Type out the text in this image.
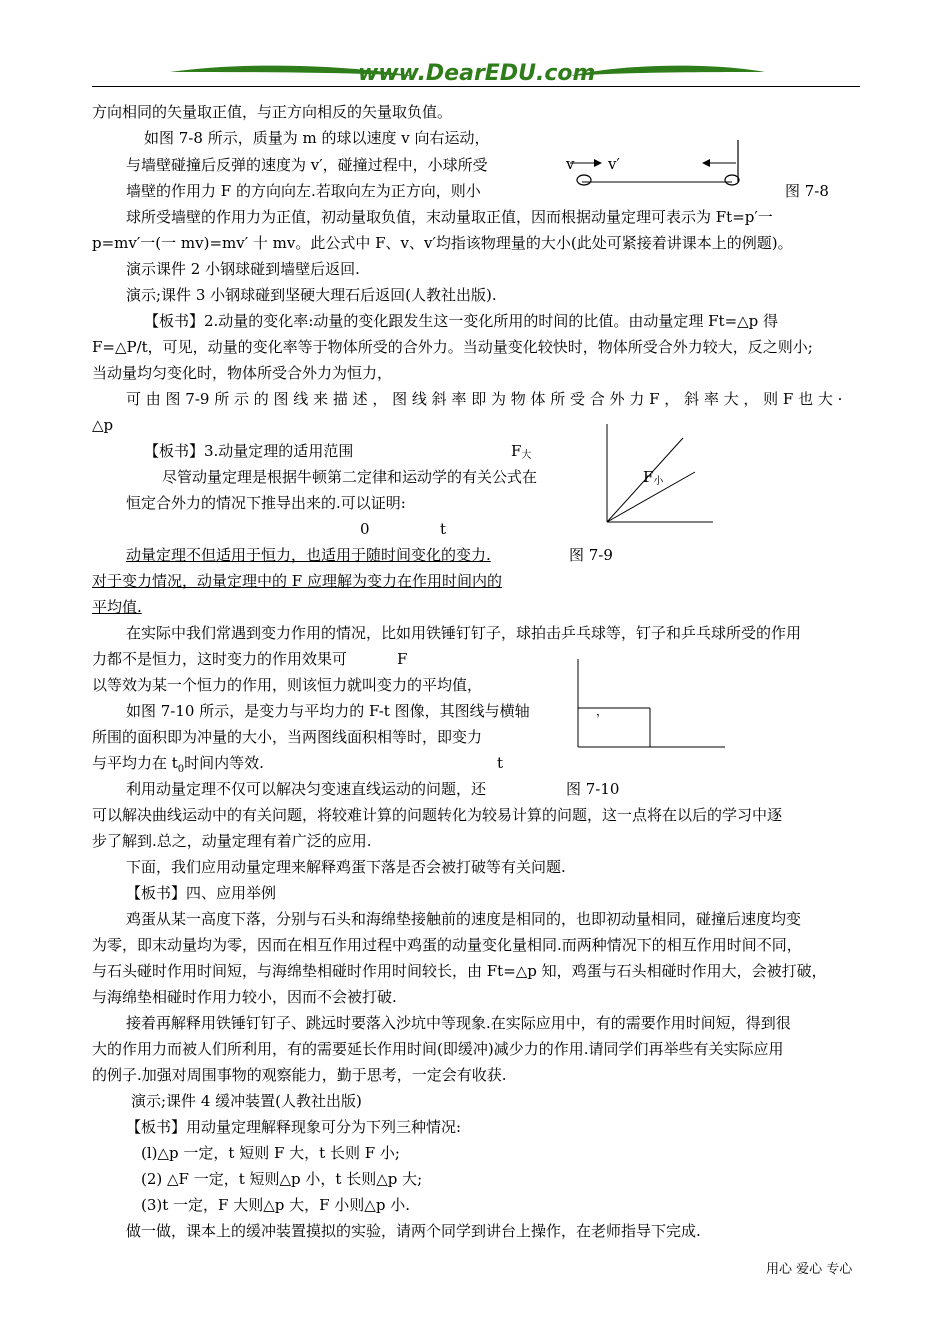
www.DearEDU.com
方向相同的矢量取正值，与正方向相反的矢量取负值。
如图 7-8 所示，质量为 m 的球以速度 v 向右运动，
与墙壁碰撞后反弹的速度为 v′，碰撞过程中，小球所受
墙壁的作用力 F 的方向向左.若取向左为正方向，则小
球所受墙壁的作用力为正值，初动量取负值，末动量取正值，因而根据动量定理可表示为 Ft=p′一
p=mv′一(一 mv)=mv′ 十 mv。此公式中 F、v、v′均指该物理量的大小(此处可紧接着讲课本上的例题)。
演示课件 2 小钢球碰到墙壁后返回.
演示;课件 3 小钢球碰到坚硬大理石后返回(人教社出版).
【板书】2.动量的变化率:动量的变化跟发生这一变化所用的时间的比值。由动量定理 Ft=△p 得
F=△P/t，可见，动量的变化率等于物体所受的合外力。当动量变化较快时，物体所受合外力较大，反之则小;
当动量均匀变化时，物体所受合外力为恒力，
可 由 图 7-9 所 示 的 图 线 来 描 述 ， 图 线 斜 率 即 为 物 体 所 受 合 外 力 F ， 斜 率 大 ， 则 F 也 大 ·
△p
【板书】3.动量定理的适用范围
尽管动量定理是根据牛顿第二定律和运动学的有关公式在
恒定合外力的情况下推导出来的.可以证明:
动量定理不但适用于恒力，也适用于随时间变化的变力.
对于变力情况，动量定理中的 F 应理解为变力在作用时间内的
平均值.
在实际中我们常遇到变力作用的情况，比如用铁锤钉钉子，球拍击乒乓球等，钉子和乒乓球所受的作用
力都不是恒力，这时变力的作用效果可
以等效为某一个恒力的作用，则该恒力就叫变力的平均值，
如图 7-10 所示，是变力与平均力的 F-t 图像，其图线与横轴
所围的面积即为冲量的大小，当两图线面积相等时，即变力
与平均力在 $t_0$时间内等效.
利用动量定理不仅可以解决匀变速直线运动的问题，还
可以解决曲线运动中的有关问题，将较难计算的问题转化为较易计算的问题，这一点将在以后的学习中逐
步了解到.总之，动量定理有着广泛的应用.
下面，我们应用动量定理来解释鸡蛋下落是否会被打破等有关问题.
【板书】四、应用举例
鸡蛋从某一高度下落，分别与石头和海绵垫接触前的速度是相同的，也即初动量相同，碰撞后速度均变
为零，即末动量均为零，因而在相互作用过程中鸡蛋的动量变化量相同.而两种情况下的相互作用时间不同，
与石头碰时作用时间短，与海绵垫相碰时作用时间较长，由 Ft=△p 知，鸡蛋与石头相碰时作用大，会被打破，
与海绵垫相碰时作用力较小，因而不会被打破.
接着再解释用铁锤钉钉子、跳远时要落入沙坑中等现象.在实际应用中，有的需要作用时间短，得到很
大的作用力而被人们所利用，有的需要延长作用时间(即缓冲)减少力的作用.请同学们再举些有关实际应用
的例子.加强对周围事物的观察能力，勤于思考，一定会有收获.
演示;课件 4 缓冲装置(人教社出版)
【板书】用动量定理解释现象可分为下列三种情况:
(l)△p 一定，t 短则 F 大，t 长则 F 小;
(2) △F 一定，t 短则△p 小，t 长则△p 大;
(3)t 一定，F 大则△p 大，F 小则△p 小.
做一做，课本上的缓冲装置摸拟的实验，请两个同学到讲台上操作，在老师指导下完成.
v v′
图 7-8
F大
F小
0	t
图 7-9
，
F
t
图 7-10
用心 爱心 专心
